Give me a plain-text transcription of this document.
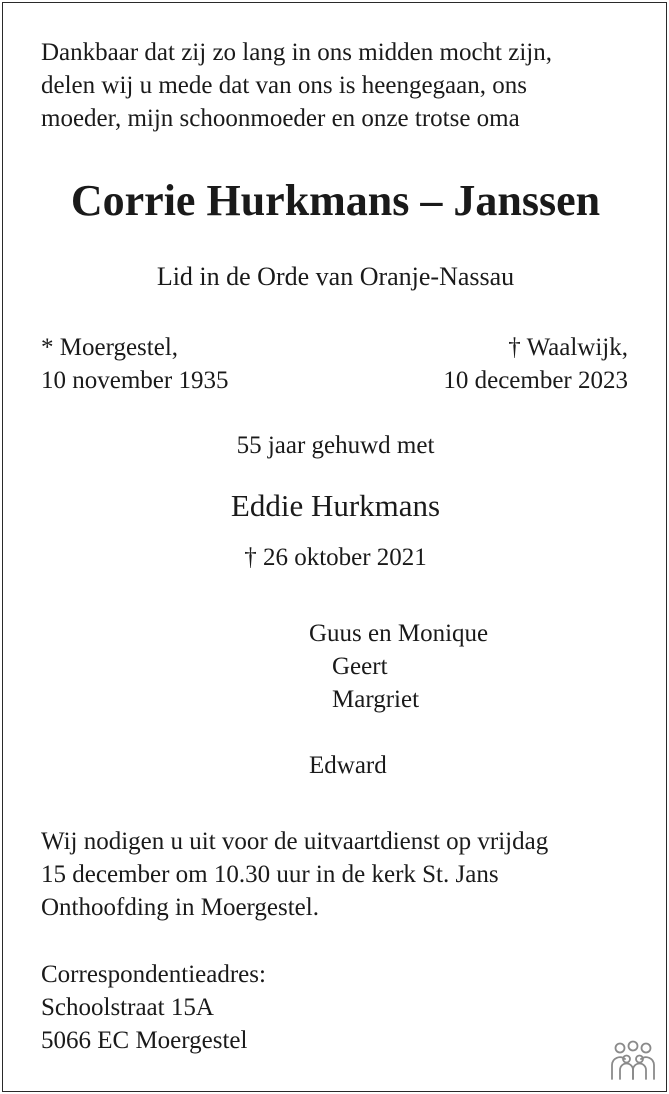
Dankbaar dat zij zo lang in ons midden mocht zijn,
delen wij u mede dat van ons is heengegaan, ons
moeder, mijn schoonmoeder en onze trotse oma

Corrie Hurkmans – Janssen

Lid in de Orde van Oranje-Nassau

* Moergestel,
10 november 1935

† Waalwijk,
10 december 2023

55 jaar gehuwd met

Eddie Hurkmans

† 26 oktober 2021

Guus en Monique
Geert
Margriet
Edward

Wij nodigen u uit voor de uitvaartdienst op vrijdag
15 december om 10.30 uur in de kerk St. Jans
Onthoofding in Moergestel.

Correspondentieadres:
Schoolstraat 15A
5066 EC Moergestel
